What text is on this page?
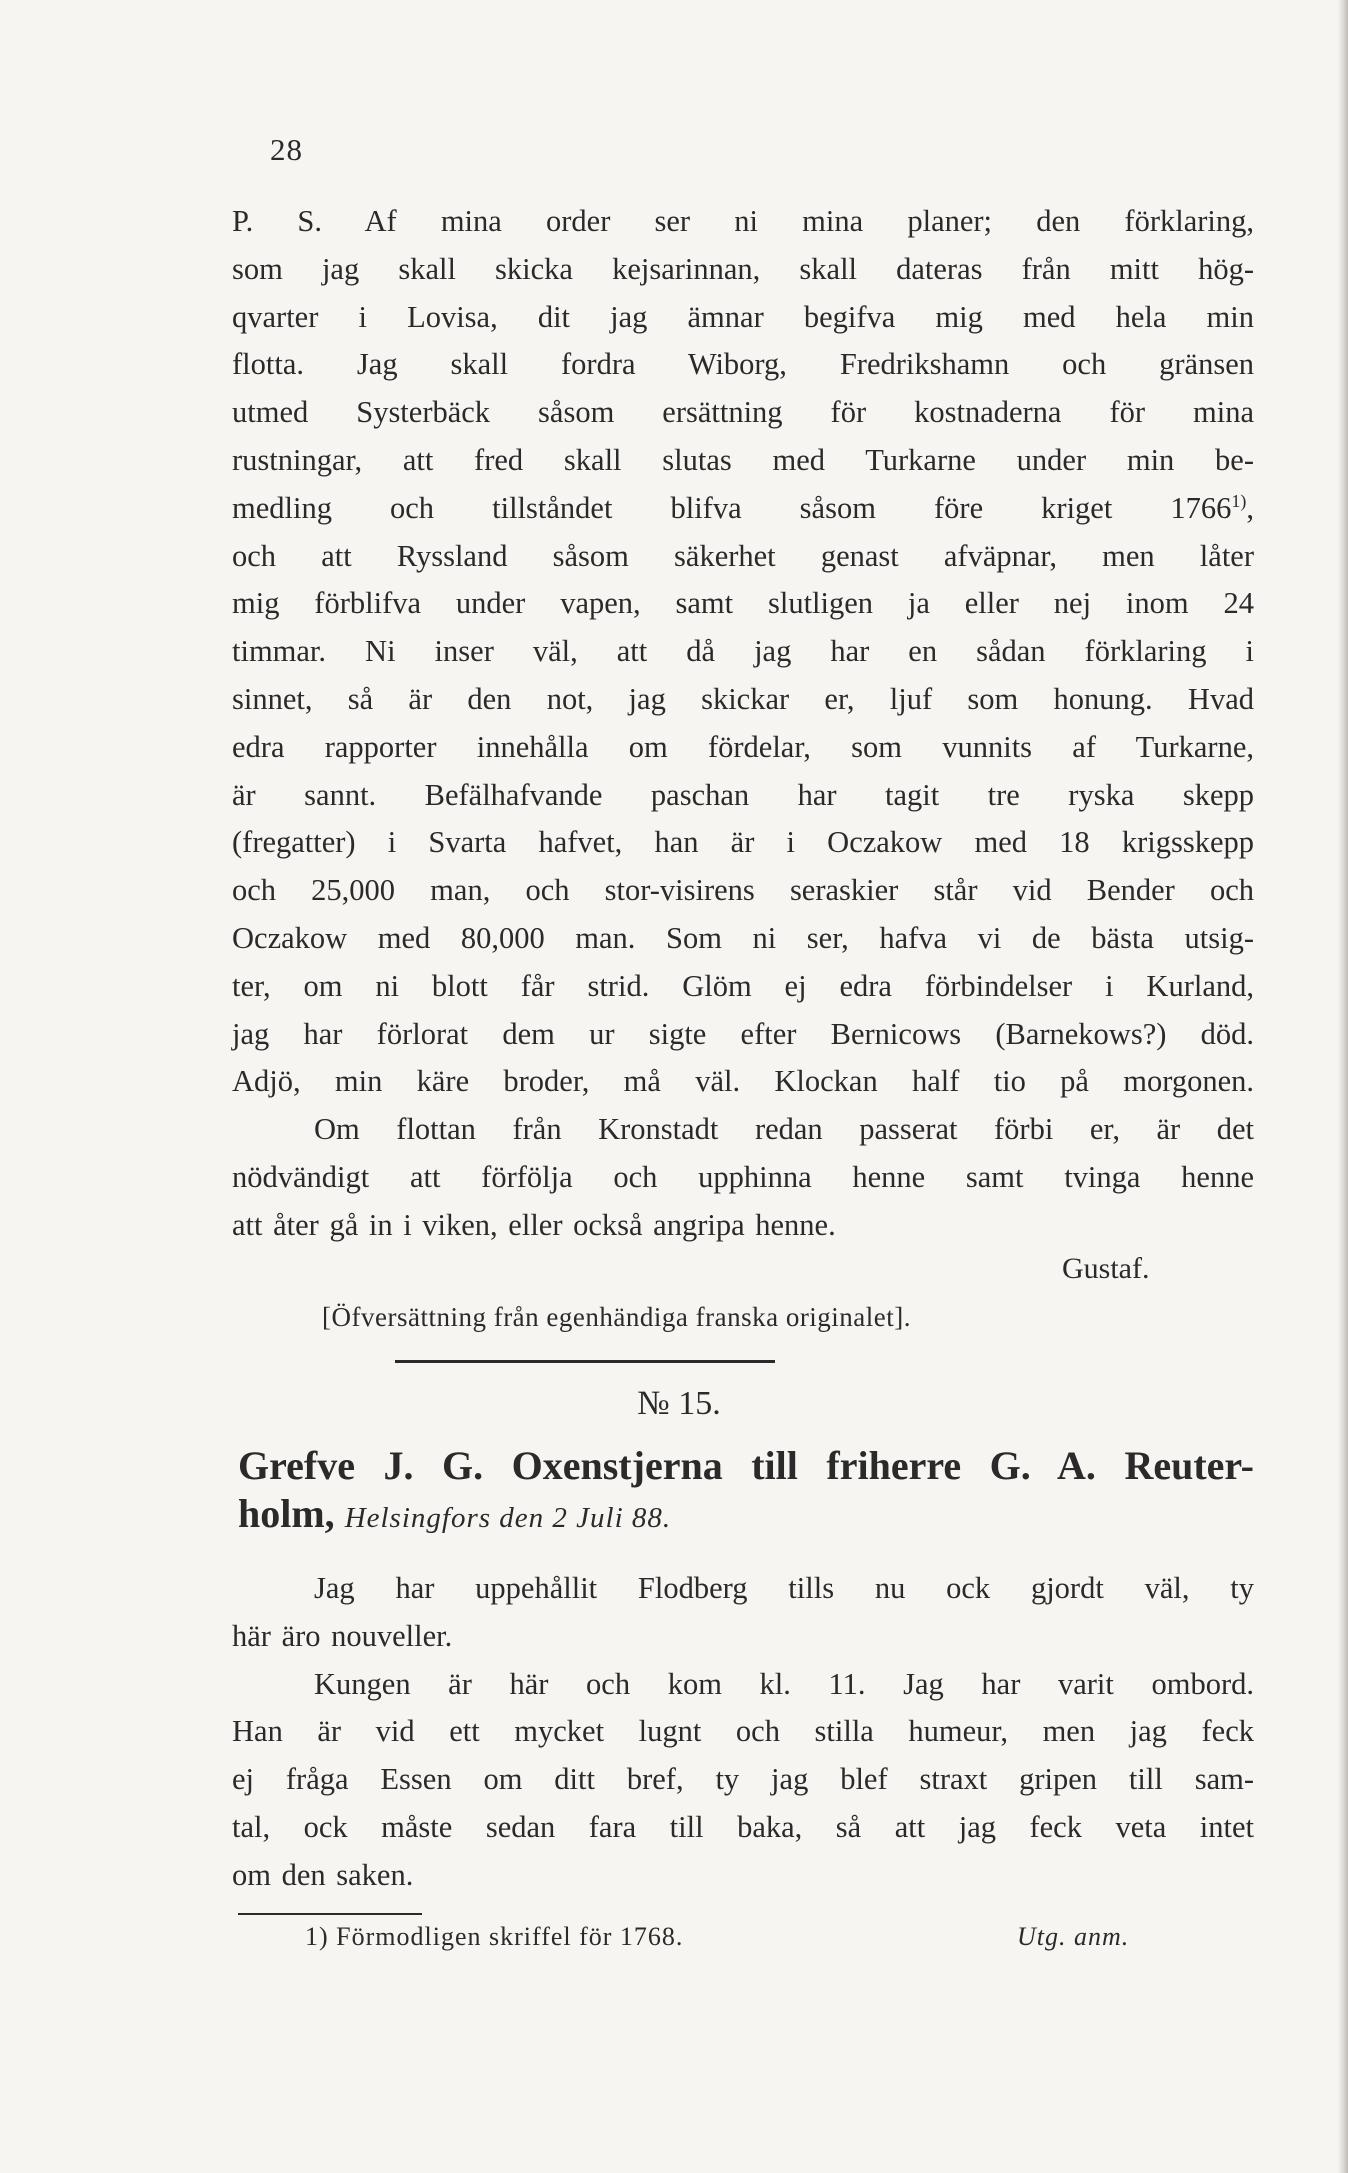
28

P. S. Af mina order ser ni mina planer; den förklaring,

som jag skall skicka kejsarinnan, skall dateras från mitt hög-

qvarter i Lovisa, dit jag ämnar begifva mig med hela min

flotta. Jag skall fordra Wiborg, Fredrikshamn och gränsen

utmed Systerbäck såsom ersättning för kostnaderna för mina

rustningar, att fred skall slutas med Turkarne under min be-

medling och tillståndet blifva såsom före kriget 1766$^{1)}$,

och att Ryssland såsom säkerhet genast afväpnar, men låter

mig förblifva under vapen, samt slutligen ja eller nej inom 24

timmar. Ni inser väl, att då jag har en sådan förklaring i

sinnet, så är den not, jag skickar er, ljuf som honung. Hvad

edra rapporter innehålla om fördelar, som vunnits af Turkarne,

är sannt. Befälhafvande paschan har tagit tre ryska skepp

(fregatter) i Svarta hafvet, han är i Oczakow med 18 krigsskepp

och 25,000 man, och stor-visirens seraskier står vid Bender och

Oczakow med 80,000 man. Som ni ser, hafva vi de bästa utsig-

ter, om ni blott får strid. Glöm ej edra förbindelser i Kurland,

jag har förlorat dem ur sigte efter Bernicows (Barnekows?) död.

Adjö, min käre broder, må väl. Klockan half tio på morgonen.

Om flottan från Kronstadt redan passerat förbi er, är det

nödvändigt att förfölja och upphinna henne samt tvinga henne

att åter gå in i viken, eller också angripa henne.

Gustaf.
[Öfversättning från egenhändiga franska originalet].
№ 15.

Grefve J. G. Oxenstjerna till friherre G. A. Reuter-

holm, Helsingfors den 2 Juli 88.

Jag har uppehållit Flodberg tills nu ock gjordt väl, ty

här äro nouveller.

Kungen är här och kom kl. 11. Jag har varit ombord.

Han är vid ett mycket lugnt och stilla humeur, men jag feck

ej fråga Essen om ditt bref, ty jag blef straxt gripen till sam-

tal, ock måste sedan fara till baka, så att jag feck veta intet

om den saken.

1) Förmodligen skriffel för 1768.	Utg. anm.
